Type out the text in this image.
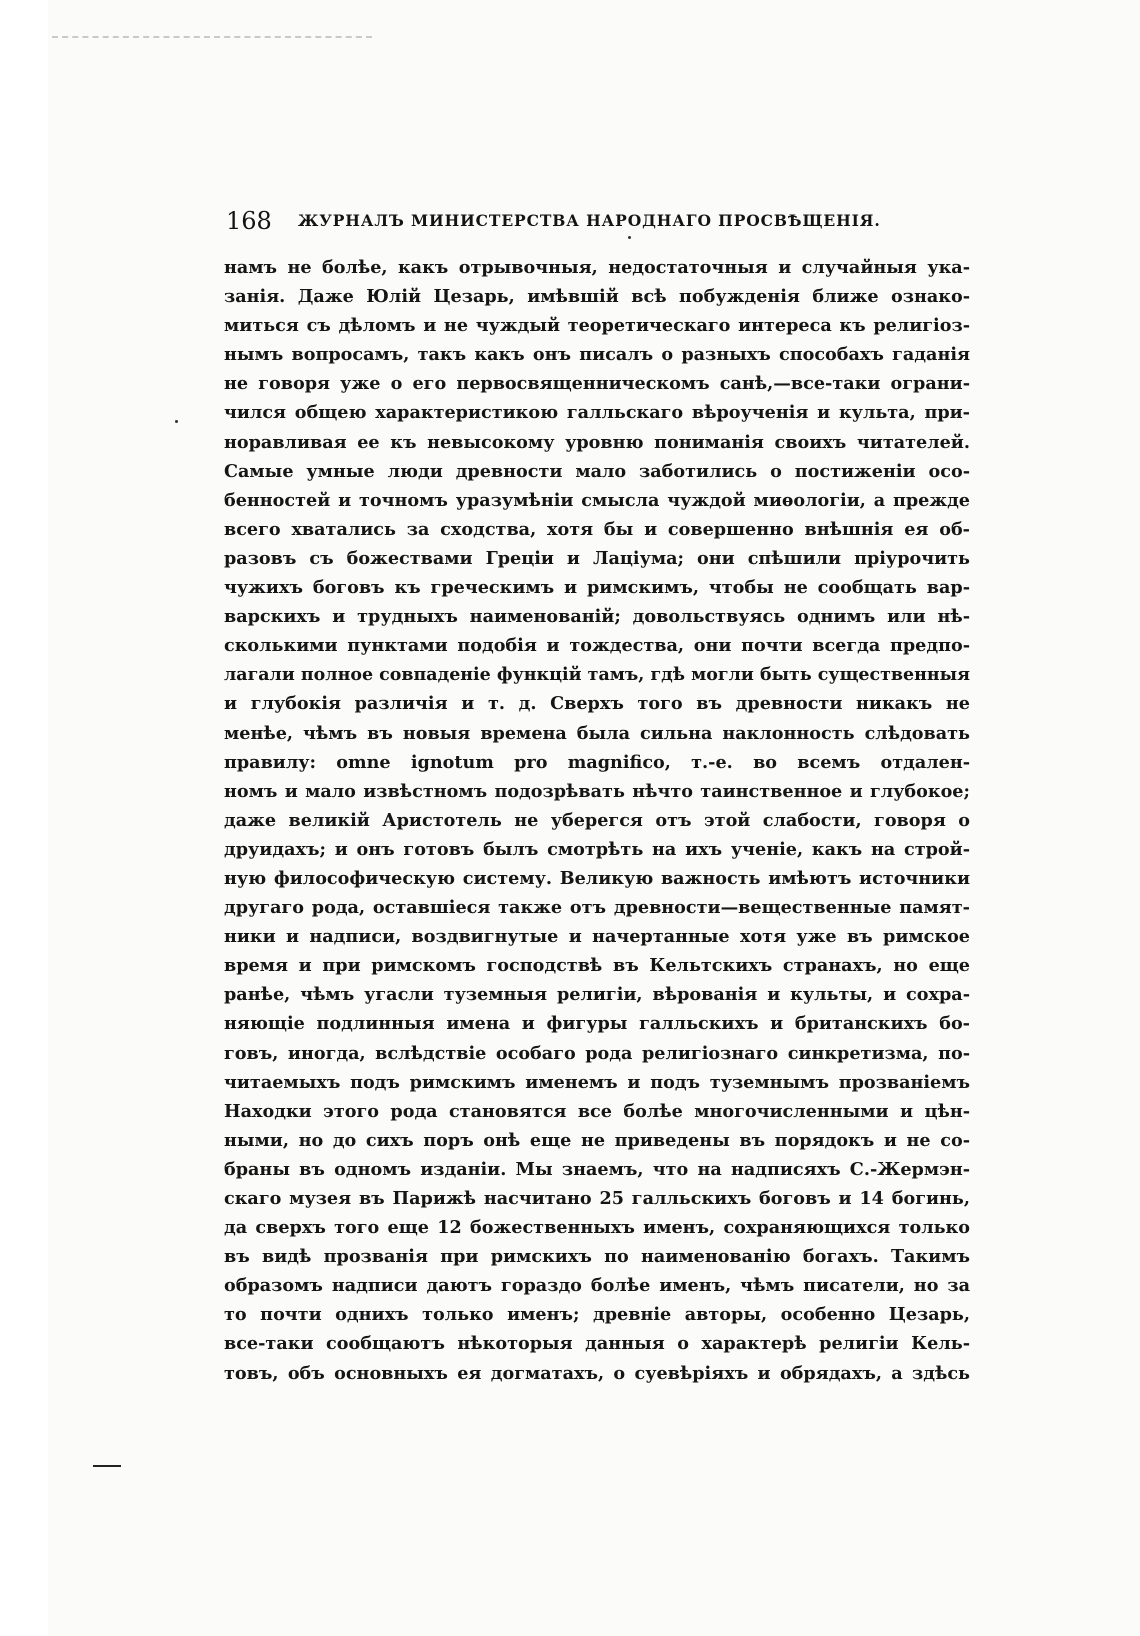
168 ЖУРНАЛЪ МИНИСТЕРСТВА НАРОДНАГО ПРОСВѢЩЕНІЯ.
намъ не болѣе, какъ отрывочныя, недостаточныя и случайныя ука-
занія. Даже Юлій Цезарь, имѣвшій всѣ побужденія ближе ознако-
миться съ дѣломъ и не чуждый теоретическаго интереса къ религіоз-
нымъ вопросамъ, такъ какъ онъ писалъ о разныхъ способахъ гаданія
не говоря уже о его первосвященническомъ санѣ,—все-таки ограни-
чился общею характеристикою галльскаго вѣроученія и культа, при-
норавливая ее къ невысокому уровню пониманія своихъ читателей.
Самые умные люди древности мало заботились о постиженіи осо-
бенностей и точномъ уразумѣніи смысла чуждой миѳологіи, а прежде
всего хватались за сходства, хотя бы и совершенно внѣшнія ея об-
разовъ съ божествами Греціи и Лаціума; они спѣшили пріурочить
чужихъ боговъ къ греческимъ и римскимъ, чтобы не сообщать вар-
варскихъ и трудныхъ наименованій; довольствуясь однимъ или нѣ-
сколькими пунктами подобія и тождества, они почти всегда предпо-
лагали полное совпаденіе функцій тамъ, гдѣ могли быть существенныя
и глубокія различія и т. д. Сверхъ того въ древности никакъ не
менѣе, чѣмъ въ новыя времена была сильна наклонность слѣдовать
правилу: omne ignotum pro magnifico, т.-е. во всемъ отдален-
номъ и мало извѣстномъ подозрѣвать нѣчто таинственное и глубокое;
даже великій Аристотель не уберегся отъ этой слабости, говоря о
друидахъ; и онъ готовъ былъ смотрѣть на ихъ ученіе, какъ на строй-
ную философическую систему. Великую важность имѣютъ источники
другаго рода, оставшіеся также отъ древности—вещественные памят-
ники и надписи, воздвигнутые и начертанные хотя уже въ римское
время и при римскомъ господствѣ въ Кельтскихъ странахъ, но еще
ранѣе, чѣмъ угасли туземныя религіи, вѣрованія и культы, и сохра-
няющіе подлинныя имена и фигуры галльскихъ и британскихъ бо-
говъ, иногда, вслѣдствіе особаго рода религіознаго синкретизма, по-
читаемыхъ подъ римскимъ именемъ и подъ туземнымъ прозваніемъ
Находки этого рода становятся все болѣе многочисленными и цѣн-
ными, но до сихъ поръ онѣ еще не приведены въ порядокъ и не со-
браны въ одномъ изданіи. Мы знаемъ, что на надписяхъ С.-Жермэн-
скаго музея въ Парижѣ насчитано 25 галльскихъ боговъ и 14 богинь,
да сверхъ того еще 12 божественныхъ именъ, сохраняющихся только
въ видѣ прозванія при римскихъ по наименованію богахъ. Такимъ
образомъ надписи даютъ гораздо болѣе именъ, чѣмъ писатели, но за
то почти однихъ только именъ; древніе авторы, особенно Цезарь,
все-таки сообщаютъ нѣкоторыя данныя о характерѣ религіи Кель-
товъ, объ основныхъ ея догматахъ, о суевѣріяхъ и обрядахъ, а здѣсь
